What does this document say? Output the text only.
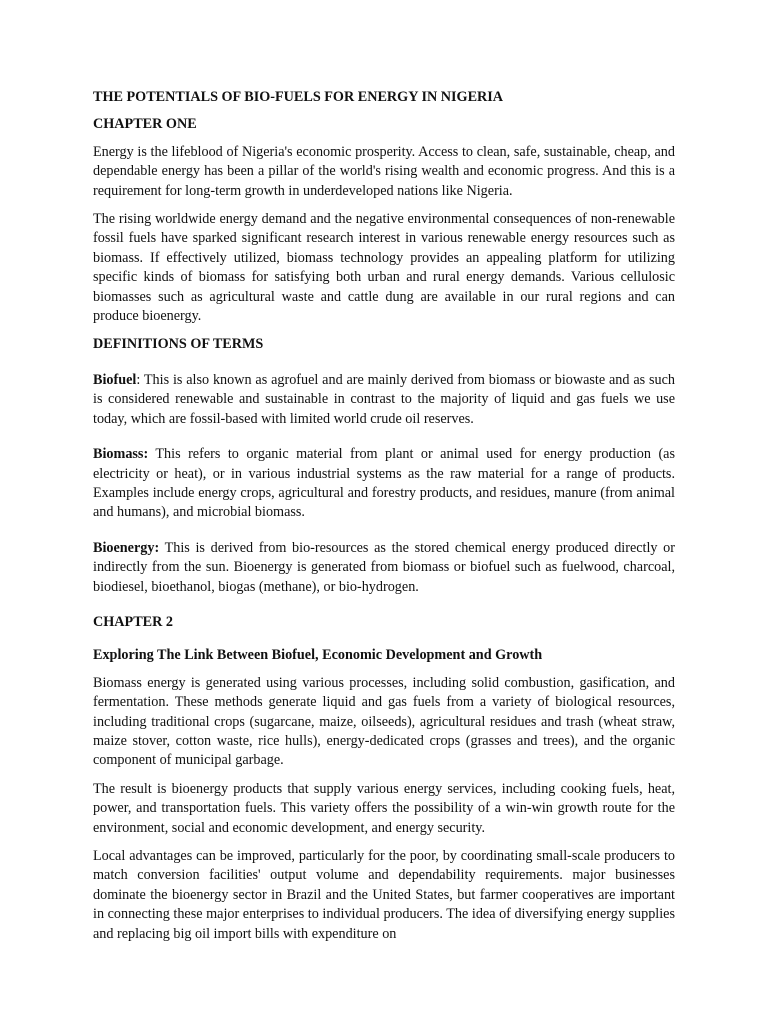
THE POTENTIALS OF BIO-FUELS FOR ENERGY IN NIGERIA
CHAPTER ONE

Energy is the lifeblood of Nigeria's economic prosperity. Access to clean, safe, sustainable, cheap, and dependable energy has been a pillar of the world's rising wealth and economic progress. And this is a requirement for long-term growth in underdeveloped nations like Nigeria.

The rising worldwide energy demand and the negative environmental consequences of non-renewable fossil fuels have sparked significant research interest in various renewable energy resources such as biomass. If effectively utilized, biomass technology provides an appealing platform for utilizing specific kinds of biomass for satisfying both urban and rural energy demands. Various cellulosic biomasses such as agricultural waste and cattle dung are available in our rural regions and can produce bioenergy.

DEFINITIONS OF TERMS

Biofuel: This is also known as agrofuel and are mainly derived from biomass or biowaste and as such is considered renewable and sustainable in contrast to the majority of liquid and gas fuels we use today, which are fossil-based with limited world crude oil reserves.

Biomass: This refers to organic material from plant or animal used for energy production (as electricity or heat), or in various industrial systems as the raw material for a range of products. Examples include energy crops, agricultural and forestry products, and residues, manure (from animal and humans), and microbial biomass.

Bioenergy: This is derived from bio-resources as the stored chemical energy produced directly or indirectly from the sun. Bioenergy is generated from biomass or biofuel such as fuelwood, charcoal, biodiesel, bioethanol, biogas (methane), or bio-hydrogen.

CHAPTER 2
Exploring The Link Between Biofuel, Economic Development and Growth

Biomass energy is generated using various processes, including solid combustion, gasification, and fermentation. These methods generate liquid and gas fuels from a variety of biological resources, including traditional crops (sugarcane, maize, oilseeds), agricultural residues and trash (wheat straw, maize stover, cotton waste, rice hulls), energy-dedicated crops (grasses and trees), and the organic component of municipal garbage.

The result is bioenergy products that supply various energy services, including cooking fuels, heat, power, and transportation fuels. This variety offers the possibility of a win-win growth route for the environment, social and economic development, and energy security.

Local advantages can be improved, particularly for the poor, by coordinating small-scale producers to match conversion facilities' output volume and dependability requirements. major businesses dominate the bioenergy sector in Brazil and the United States, but farmer cooperatives are important in connecting these major enterprises to individual producers. The idea of diversifying energy supplies and replacing big oil import bills with expenditure on
